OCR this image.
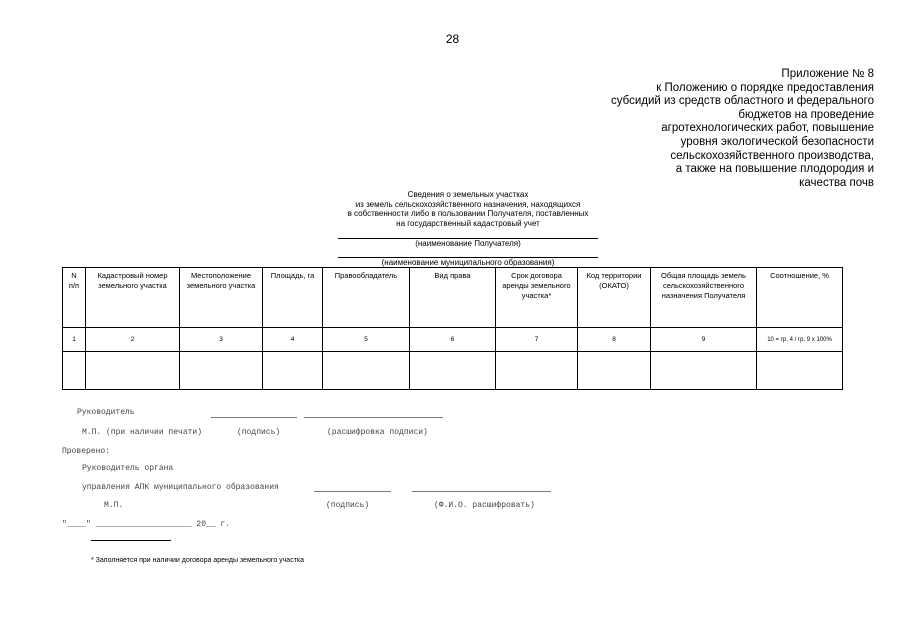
28
Приложение № 8
к Положению о порядке предоставления
субсидий из средств областного и федерального
бюджетов на проведение
агротехнологических работ, повышение
уровня экологической безопасности
сельскохозяйственного производства,
а также на повышение плодородия и
качества почв
Сведения о земельных участках
из земель сельскохозяйственного назначения, находящихся
в собственности либо в пользовании Получателя, поставленных
на государственный кадастровый учет
(наименование Получателя)
(наименование муниципального образования)
N
п/п	Кадастровый номер земельного участка	Местоположение земельного участка	Площадь, га	Правообладатель	Вид права	Срок договора аренды земельного участка*	Код территории (ОКАТО)	Общая площадь земель сельскохозяйственного назначения Получателя	Соотношение, %
1	2	3	4	5	6	7	8	9	10 = гр. 4 / гр. 9 x 100%

Руководитель
М.П. (при наличии печати)	(подпись)	(расшифровка подписи)
Проверено:
Руководитель органа
управления АПК муниципального образования
М.П.	(подпись)	(Ф.И.О. расшифровать)
"____" ____________________ 20__ г.
* Заполняется при наличии договора аренды земельного участка
